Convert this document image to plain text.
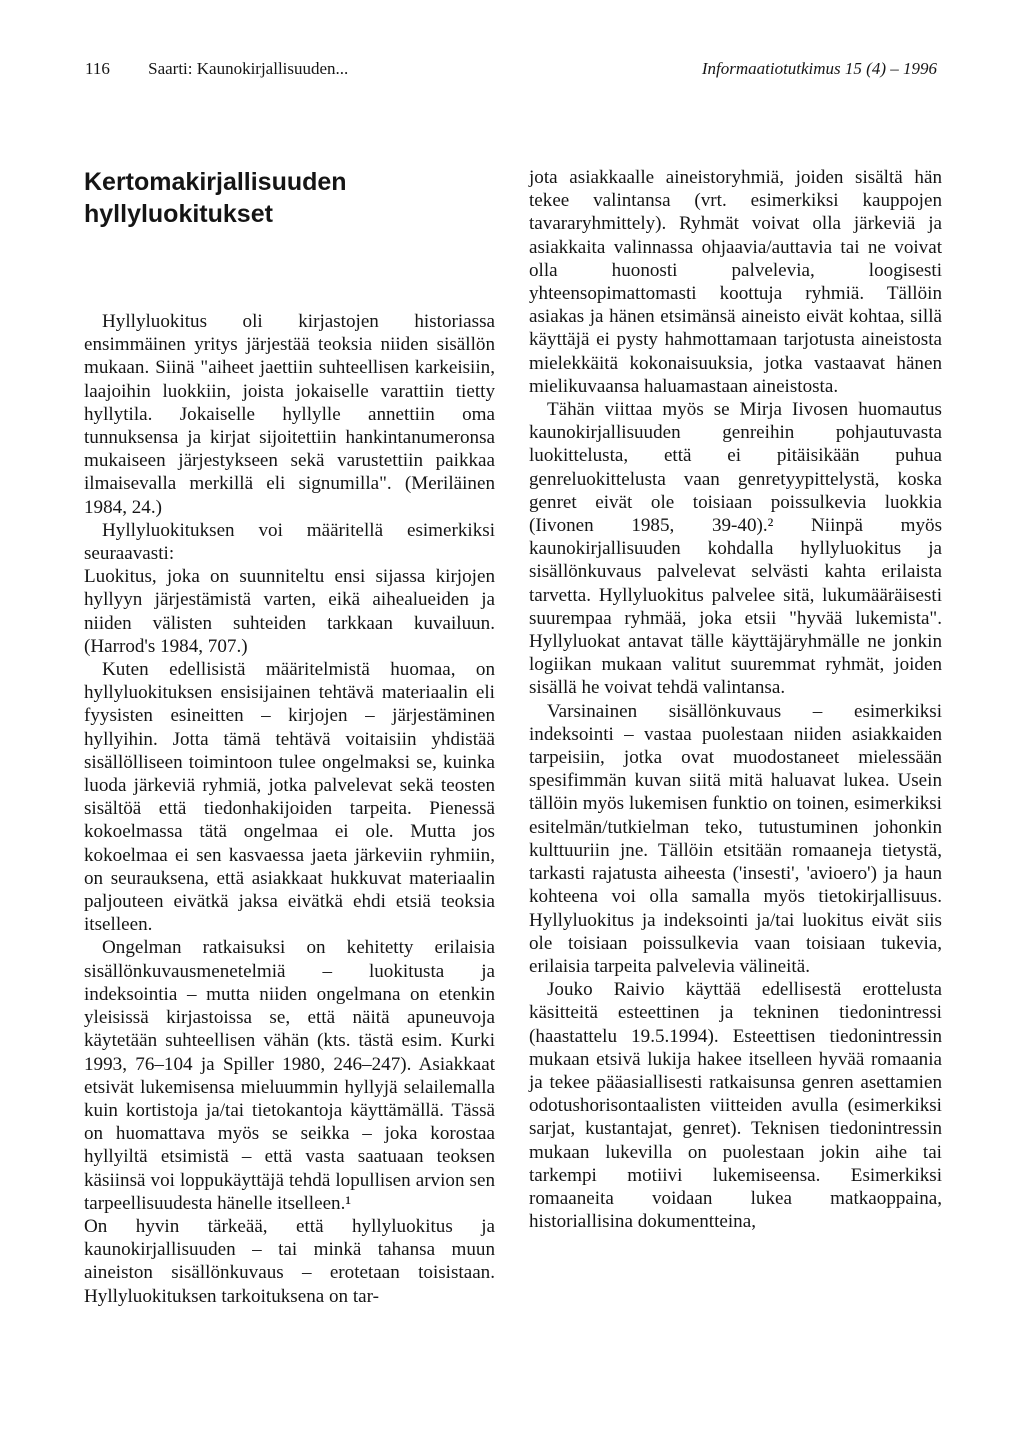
116 Saarti: Kaunokirjallisuuden...	Informaatiotutkimus 15 (4) – 1996
Kertomakirjallisuuden
hyllyluokitukset

Hyllyluokitus oli kirjastojen historiassa ensimmäinen yritys järjestää teoksia niiden sisällön mukaan. Siinä "aiheet jaettiin suhteellisen karkeisiin, laajoihin luokkiin, joista jokaiselle varattiin tietty hyllytila. Jokaiselle hyllylle annettiin oma tunnuksensa ja kirjat sijoitettiin hankintanumeronsa mukaiseen järjestykseen sekä varustettiin paikkaa ilmaisevalla merkillä eli signumilla". (Meriläinen 1984, 24.)

Hyllyluokituksen voi määritellä esimerkiksi seuraavasti:

Luokitus, joka on suunniteltu ensi sijassa kirjojen hyllyyn järjestämistä varten, eikä aihealueiden ja niiden välisten suhteiden tarkkaan kuvailuun. (Harrod's 1984, 707.)

Kuten edellisistä määritelmistä huomaa, on hyllyluokituksen ensisijainen tehtävä materiaalin eli fyysisten esineitten – kirjojen – järjestäminen hyllyihin. Jotta tämä tehtävä voitaisiin yhdistää sisällölliseen toimintoon tulee ongelmaksi se, kuinka luoda järkeviä ryhmiä, jotka palvelevat sekä teosten sisältöä että tiedonhakijoiden tarpeita. Pienessä kokoelmassa tätä ongelmaa ei ole. Mutta jos kokoelmaa ei sen kasvaessa jaeta järkeviin ryhmiin, on seurauksena, että asiakkaat hukkuvat materiaalin paljouteen eivätkä jaksa eivätkä ehdi etsiä teoksia itselleen.

Ongelman ratkaisuksi on kehitetty erilaisia sisällönkuvausmenetelmiä – luokitusta ja indeksointia – mutta niiden ongelmana on etenkin yleisissä kirjastoissa se, että näitä apuneuvoja käytetään suhteellisen vähän (kts. tästä esim. Kurki 1993, 76–104 ja Spiller 1980, 246–247). Asiakkaat etsivät lukemisensa mieluummin hyllyjä selailemalla kuin kortistoja ja/tai tietokantoja käyttämällä. Tässä on huomattava myös se seikka – joka korostaa hyllyiltä etsimistä – että vasta saatuaan teoksen käsiinsä voi loppukäyttäjä tehdä lopullisen arvion sen tarpeellisuudesta hänelle itselleen.¹

On hyvin tärkeää, että hyllyluokitus ja kaunokirjallisuuden – tai minkä tahansa muun aineiston sisällönkuvaus – erotetaan toisistaan. Hyllyluokituksen tarkoituksena on tar-

jota asiakkaalle aineistoryhmiä, joiden sisältä hän tekee valintansa (vrt. esimerkiksi kauppojen tavararyhmittely). Ryhmät voivat olla järkeviä ja asiakkaita valinnassa ohjaavia/auttavia tai ne voivat olla huonosti palvelevia, loogisesti yhteensopimattomasti koottuja ryhmiä. Tällöin asiakas ja hänen etsimänsä aineisto eivät kohtaa, sillä käyttäjä ei pysty hahmottamaan tarjotusta aineistosta mielekkäitä kokonaisuuksia, jotka vastaavat hänen mielikuvaansa haluamastaan aineistosta.

Tähän viittaa myös se Mirja Iivosen huomautus kaunokirjallisuuden genreihin pohjautuvasta luokittelusta, että ei pitäisikään puhua genreluokittelusta vaan genretyypittelystä, koska genret eivät ole toisiaan poissulkevia luokkia (Iivonen 1985, 39-40).² Niinpä myös kaunokirjallisuuden kohdalla hyllyluokitus ja sisällönkuvaus palvelevat selvästi kahta erilaista tarvetta. Hyllyluokitus palvelee sitä, lukumääräisesti suurempaa ryhmää, joka etsii "hyvää lukemista". Hyllyluokat antavat tälle käyttäjäryhmälle ne jonkin logiikan mukaan valitut suuremmat ryhmät, joiden sisällä he voivat tehdä valintansa.

Varsinainen sisällönkuvaus – esimerkiksi indeksointi – vastaa puolestaan niiden asiakkaiden tarpeisiin, jotka ovat muodostaneet mielessään spesifimmän kuvan siitä mitä haluavat lukea. Usein tällöin myös lukemisen funktio on toinen, esimerkiksi esitelmän/tutkielman teko, tutustuminen johonkin kulttuuriin jne. Tällöin etsitään romaaneja tietystä, tarkasti rajatusta aiheesta ('insesti', 'avioero') ja haun kohteena voi olla samalla myös tietokirjallisuus. Hyllyluokitus ja indeksointi ja/tai luokitus eivät siis ole toisiaan poissulkevia vaan toisiaan tukevia, erilaisia tarpeita palvelevia välineitä.

Jouko Raivio käyttää edellisestä erottelusta käsitteitä esteettinen ja tekninen tiedonintressi (haastattelu 19.5.1994). Esteettisen tiedonintressin mukaan etsivä lukija hakee itselleen hyvää romaania ja tekee pääasiallisesti ratkaisunsa genren asettamien odotushorisontaalisten viitteiden avulla (esimerkiksi sarjat, kustantajat, genret). Teknisen tiedonintressin mukaan lukevilla on puolestaan jokin aihe tai tarkempi motiivi lukemiseensa. Esimerkiksi romaaneita voidaan lukea matkaoppaina, historiallisina dokumentteina,
